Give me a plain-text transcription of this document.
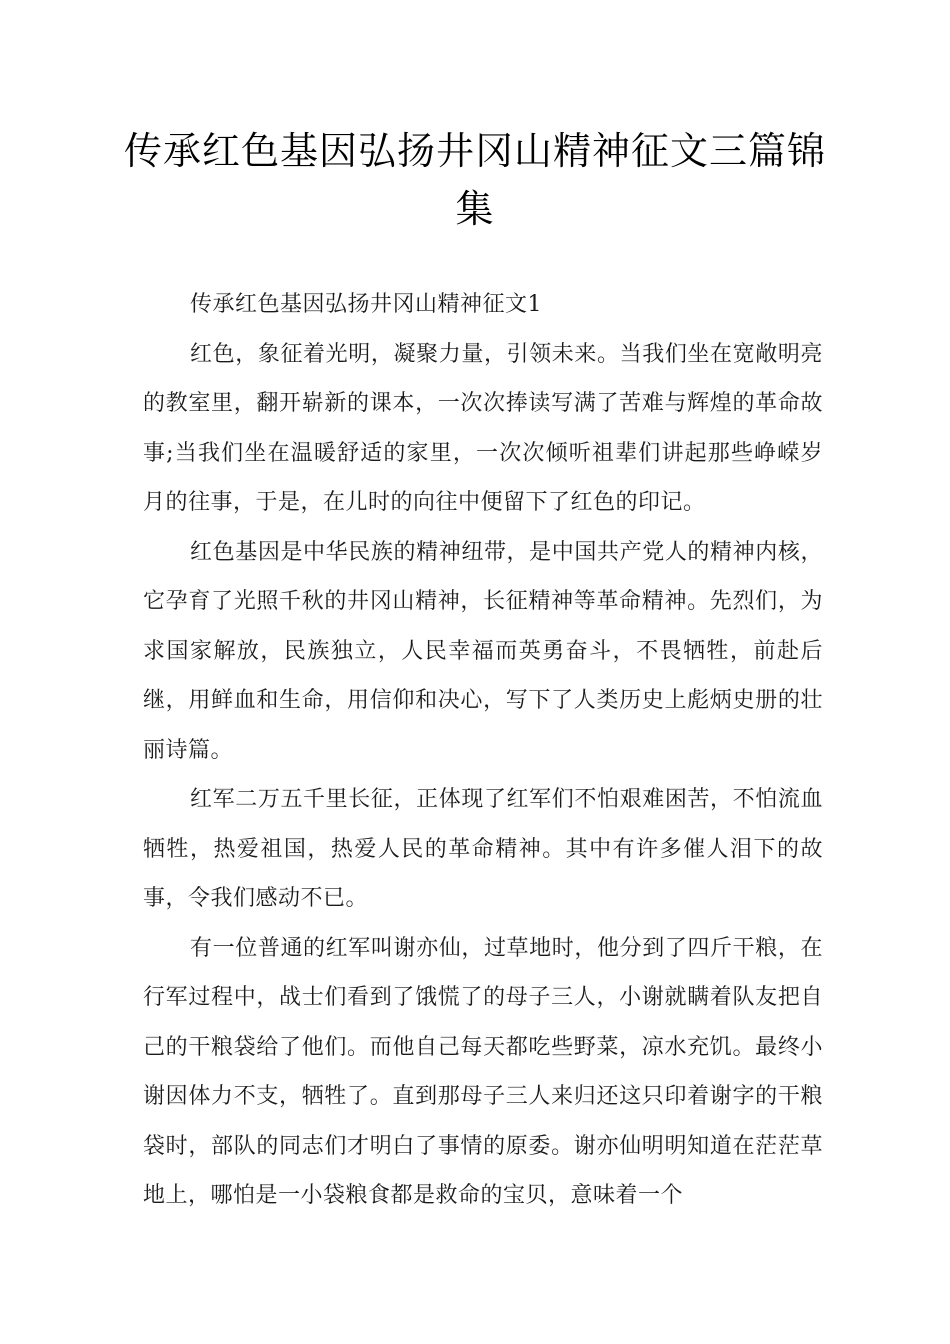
传承红色基因弘扬井冈山精神征文三篇锦集

传承红色基因弘扬井冈山精神征文1

红色，象征着光明，凝聚力量，引领未来。当我们坐在宽敞明亮的教室里，翻开崭新的课本，一次次捧读写满了苦难与辉煌的革命故事;当我们坐在温暖舒适的家里，一次次倾听祖辈们讲起那些峥嵘岁月的往事，于是，在儿时的向往中便留下了红色的印记。

红色基因是中华民族的精神纽带，是中国共产党人的精神内核，它孕育了光照千秋的井冈山精神，长征精神等革命精神。先烈们，为求国家解放，民族独立，人民幸福而英勇奋斗，不畏牺牲，前赴后继，用鲜血和生命，用信仰和决心，写下了人类历史上彪炳史册的壮丽诗篇。

红军二万五千里长征，正体现了红军们不怕艰难困苦，不怕流血牺牲，热爱祖国，热爱人民的革命精神。其中有许多催人泪下的故事，令我们感动不已。

有一位普通的红军叫谢亦仙，过草地时，他分到了四斤干粮，在行军过程中，战士们看到了饿慌了的母子三人，小谢就瞒着队友把自己的干粮袋给了他们。而他自己每天都吃些野菜，凉水充饥。最终小谢因体力不支，牺牲了。直到那母子三人来归还这只印着谢字的干粮袋时，部队的同志们才明白了事情的原委。谢亦仙明明知道在茫茫草地上，哪怕是一小袋粮食都是救命的宝贝，意味着一个
